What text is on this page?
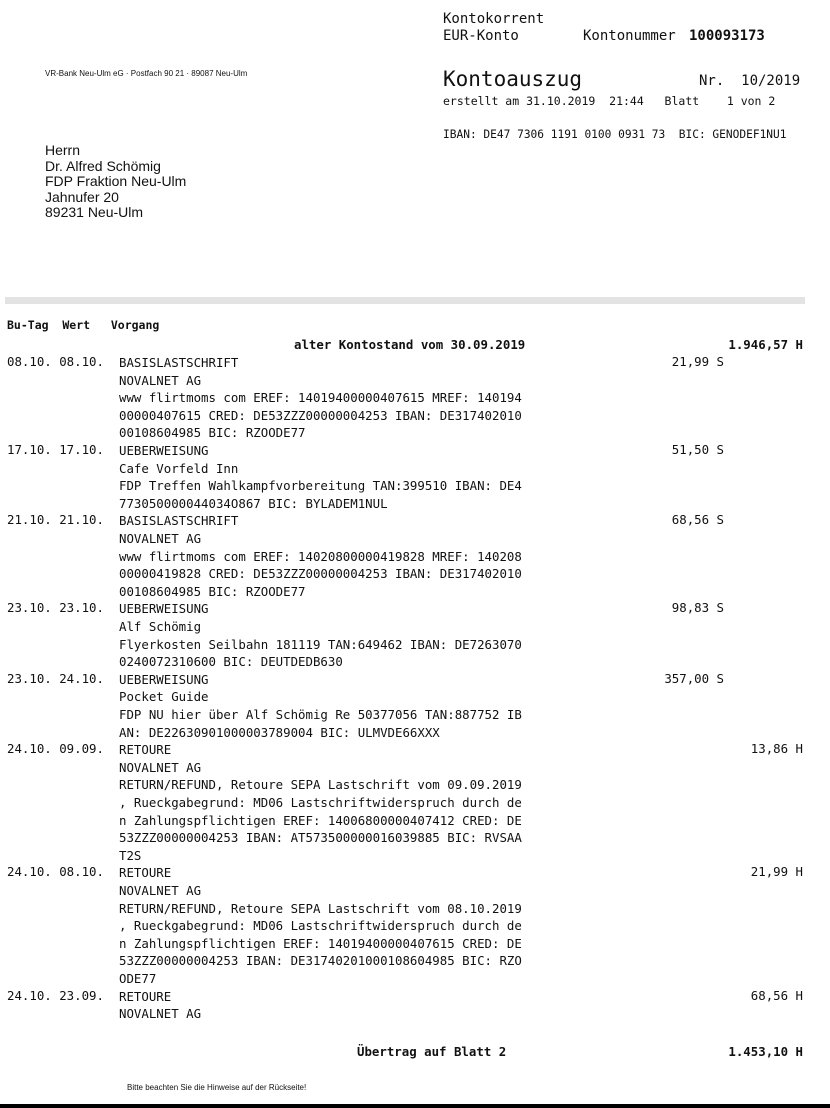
Kontokorrent
EUR-Konto	Kontonummer 100093173
VR-Bank Neu-Ulm eG · Postfach 90 21 · 89087 Neu-Ulm	Kontoauszug	Nr.  10/2019
erstellt am 31.10.2019  21:44   Blatt    1 von 2
IBAN: DE47 7306 1191 0100 0931 73  BIC: GENODEF1NU1
Herrn
Dr. Alfred Schömig
FDP Fraktion Neu-Ulm
Jahnufer 20
89231 Neu-Ulm
Bu-Tag  Wert   Vorgang
alter Kontostand vom 30.09.2019	1.946,57 H
08.10. 08.10. BASISLASTSCHRIFT
NOVALNET AG
www flirtmoms com EREF: 14019400000407615 MREF: 140194
00000407615 CRED: DE53ZZZ00000004253 IBAN: DE317402010
00108604985 BIC: RZOODE77
21,99 S
17.10. 17.10. UEBERWEISUNG
Cafe Vorfeld Inn
FDP Treffen Wahlkampfvorbereitung TAN:399510 IBAN: DE4
773050000044034O867 BIC: BYLADEM1NUL
51,50 S
21.10. 21.10. BASISLASTSCHRIFT
NOVALNET AG
www flirtmoms com EREF: 14020800000419828 MREF: 140208
00000419828 CRED: DE53ZZZ00000004253 IBAN: DE317402010
00108604985 BIC: RZOODE77
68,56 S
23.10. 23.10. UEBERWEISUNG
Alf Schömig
Flyerkosten Seilbahn 181119 TAN:649462 IBAN: DE7263070
0240072310600 BIC: DEUTDEDB630
98,83 S
23.10. 24.10. UEBERWEISUNG
Pocket Guide
FDP NU hier über Alf Schömig Re 50377056 TAN:887752 IB
AN: DE22630901000003789004 BIC: ULMVDE66XXX
357,00 S
24.10. 09.09. RETOURE
NOVALNET AG
RETURN/REFUND, Retoure SEPA Lastschrift vom 09.09.2019
, Rueckgabegrund: MD06 Lastschriftwiderspruch durch de
n Zahlungspflichtigen EREF: 14006800000407412 CRED: DE
53ZZZ00000004253 IBAN: AT573500000016039885 BIC: RVSAA
T2S
13,86 H
24.10. 08.10. RETOURE
NOVALNET AG
RETURN/REFUND, Retoure SEPA Lastschrift vom 08.10.2019
, Rueckgabegrund: MD06 Lastschriftwiderspruch durch de
n Zahlungspflichtigen EREF: 14019400000407615 CRED: DE
53ZZZ00000004253 IBAN: DE31740201000108604985 BIC: RZO
ODE77
21,99 H
24.10. 23.09. RETOURE
NOVALNET AG
68,56 H
Übertrag auf Blatt 2	1.453,10 H
Bitte beachten Sie die Hinweise auf der Rückseite!
